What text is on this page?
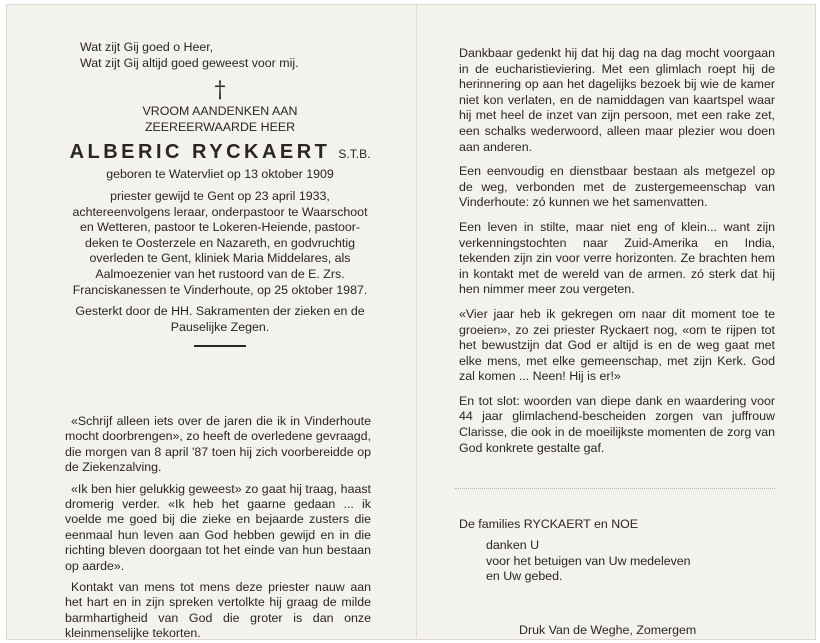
Wat zijt Gij goed o Heer,

Wat zijt Gij altijd goed geweest voor mij.

†

VROOM AANDENKEN AAN

ZEEREERWAARDE HEER

ALBERIC RYCKAERT S.T.B.

geboren te Watervliet op 13 oktober 1909

priester gewijd te Gent op 23 april 1933, achtereenvolgens leraar, onderpastoor te Waarschoot en Wetteren, pastoor te Lokeren-Heiende, pastoor-deken te Oosterzele en Nazareth, en godvruchtig overleden te Gent, kliniek Maria Middelares, als Aalmoezenier van het rustoord van de E. Zrs. Franciskanessen te Vinderhoute, op 25 oktober 1987.

Gesterkt door de HH. Sakramenten der zieken en de Pauselijke Zegen.

«Schrijf alleen iets over de jaren die ik in Vinderhoute mocht doorbrengen», zo heeft de overledene gevraagd, die morgen van 8 april '87 toen hij zich voorbereidde op de Ziekenzalving.

«Ik ben hier gelukkig geweest» zo gaat hij traag, haast dromerig verder. «Ik heb het gaarne gedaan ... ik voelde me goed bij die zieke en bejaarde zusters die eenmaal hun leven aan God hebben gewijd en in die richting bleven doorgaan tot het einde van hun bestaan op aarde».

Kontakt van mens tot mens deze priester nauw aan het hart en in zijn spreken vertolkte hij graag de milde barmhartigheid van God die groter is dan onze kleinmenselijke tekorten.

Dankbaar gedenkt hij dat hij dag na dag mocht voorgaan in de eucharistieviering. Met een glimlach roept hij de herinnering op aan het dagelijks bezoek bij wie de kamer niet kon verlaten, en de namiddagen van kaartspel waar hij met heel de inzet van zijn persoon, met een rake zet, een schalks wederwoord, alleen maar plezier wou doen aan anderen.

Een eenvoudig en dienstbaar bestaan als metgezel op de weg, verbonden met de zustergemeenschap van Vinderhoute: zó kunnen we het samenvatten.

Een leven in stilte, maar niet eng of klein... want zijn verkenningstochten naar Zuid-Amerika en India, tekenden zijn zin voor verre horizonten. Ze brachten hem in kontakt met de wereld van de armen. zó sterk dat hij hen nimmer meer zou vergeten.

«Vier jaar heb ik gekregen om naar dit moment toe te groeien», zo zei priester Ryckaert nog, «om te rijpen tot het bewustzijn dat God er altijd is en de weg gaat met elke mens, met elke gemeenschap, met zijn Kerk. God zal komen ... Neen! Hij is er!»

En tot slot: woorden van diepe dank en waardering voor 44 jaar glimlachend-bescheiden zorgen van juffrouw Clarisse, die ook in de moeilijkste momenten de zorg van God konkrete gestalte gaf.

De families RYCKAERT en NOE
danken U
voor het betuigen van Uw medeleven
en Uw gebed.
Druk Van de Weghe, Zomergem
